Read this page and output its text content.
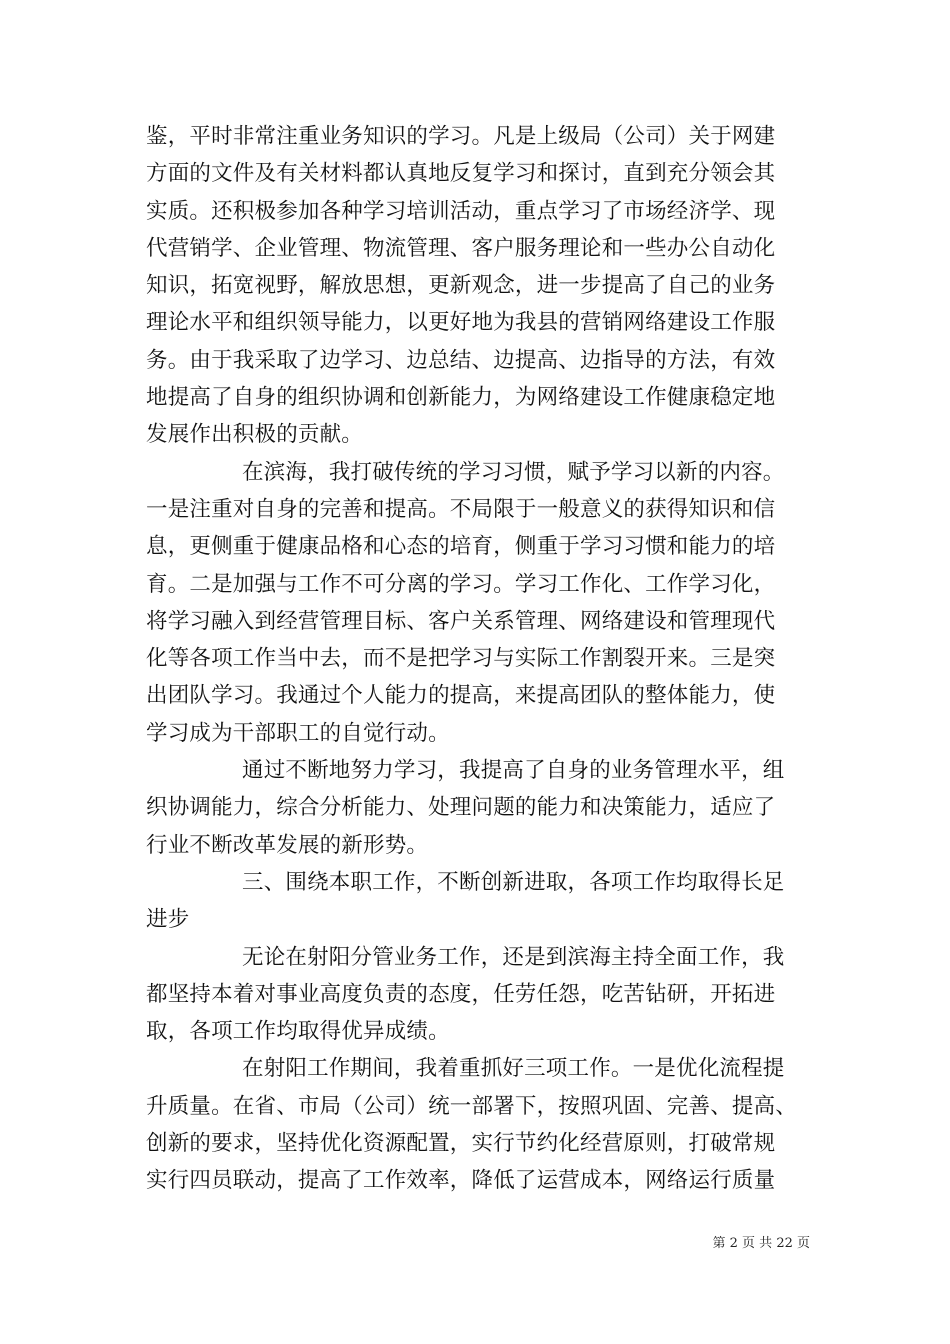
鉴，平时非常注重业务知识的学习。凡是上级局（公司）关于网建
方面的文件及有关材料都认真地反复学习和探讨，直到充分领会其
实质。还积极参加各种学习培训活动，重点学习了市场经济学、现
代营销学、企业管理、物流管理、客户服务理论和一些办公自动化
知识，拓宽视野，解放思想，更新观念，进一步提高了自己的业务
理论水平和组织领导能力，以更好地为我县的营销网络建设工作服
务。由于我采取了边学习、边总结、边提高、边指导的方法，有效
地提高了自身的组织协调和创新能力，为网络建设工作健康稳定地
发展作出积极的贡献。
在滨海，我打破传统的学习习惯，赋予学习以新的内容。
一是注重对自身的完善和提高。不局限于一般意义的获得知识和信
息，更侧重于健康品格和心态的培育，侧重于学习习惯和能力的培
育。二是加强与工作不可分离的学习。学习工作化、工作学习化，
将学习融入到经营管理目标、客户关系管理、网络建设和管理现代
化等各项工作当中去，而不是把学习与实际工作割裂开来。三是突
出团队学习。我通过个人能力的提高，来提高团队的整体能力，使
学习成为干部职工的自觉行动。
通过不断地努力学习，我提高了自身的业务管理水平，组
织协调能力，综合分析能力、处理问题的能力和决策能力，适应了
行业不断改革发展的新形势。
三、围绕本职工作，不断创新进取，各项工作均取得长足
进步
无论在射阳分管业务工作，还是到滨海主持全面工作，我
都坚持本着对事业高度负责的态度，任劳任怨，吃苦钻研，开拓进
取，各项工作均取得优异成绩。
在射阳工作期间，我着重抓好三项工作。一是优化流程提
升质量。在省、市局（公司）统一部署下，按照巩固、完善、提高、
创新的要求，坚持优化资源配置，实行节约化经营原则，打破常规
实行四员联动，提高了工作效率，降低了运营成本，网络运行质量
第 2 页 共 22 页
